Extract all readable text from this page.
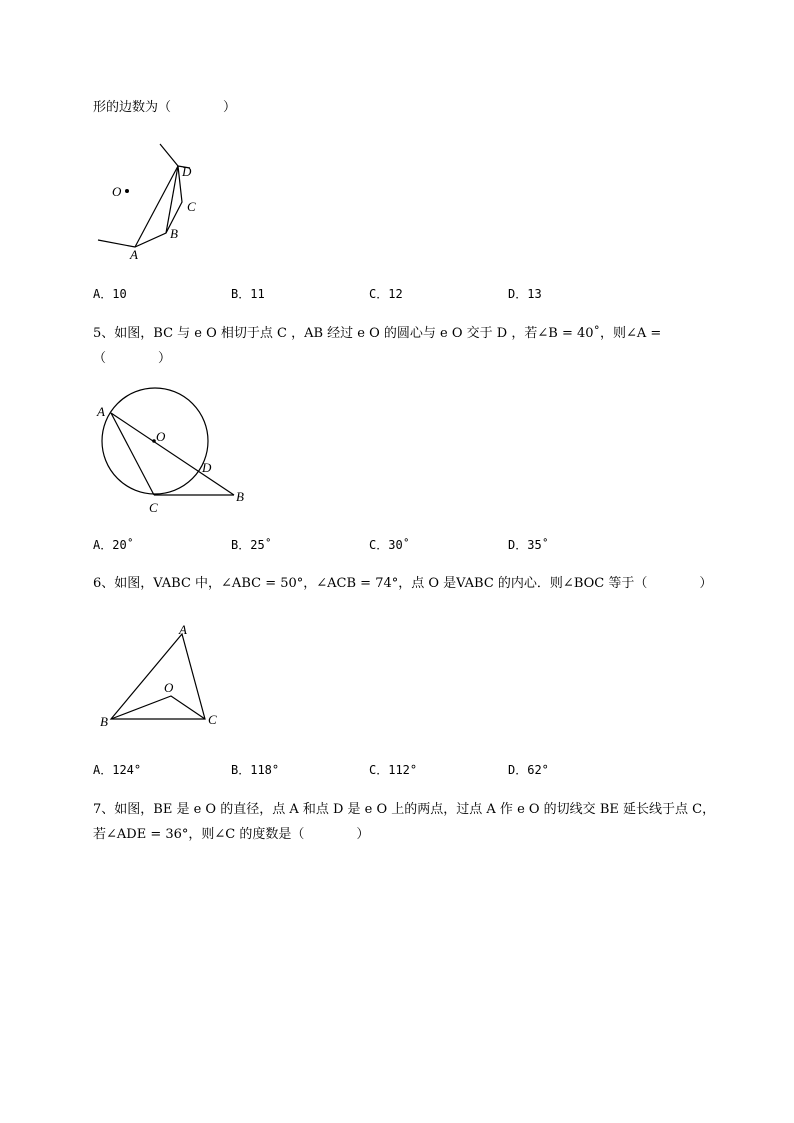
形的边数为（　　　　）
O
D
C
B
A
A．10	B．11	C．12	D．13
5、如图，BC 与 e O 相切于点 C ，AB 经过 e O 的圆心与 e O 交于 D ，若∠B = 40˚，则∠A =
（　　　　）
A
O
D
C
B
A．20˚	B．25˚	C．30˚	D．35˚
6、如图，VABC 中，∠ABC = 50°，∠ACB = 74°，点 O 是VABC 的内心．则∠BOC 等于（　　　　）
A
O
B	C
A．124°	B．118°	C．112°	D．62°
7、如图，BE 是 e O 的直径，点 A 和点 D 是 e O 上的两点，过点 A 作 e O 的切线交 BE 延长线于点 C，
若∠ADE = 36°，则∠C 的度数是（　　　　）
